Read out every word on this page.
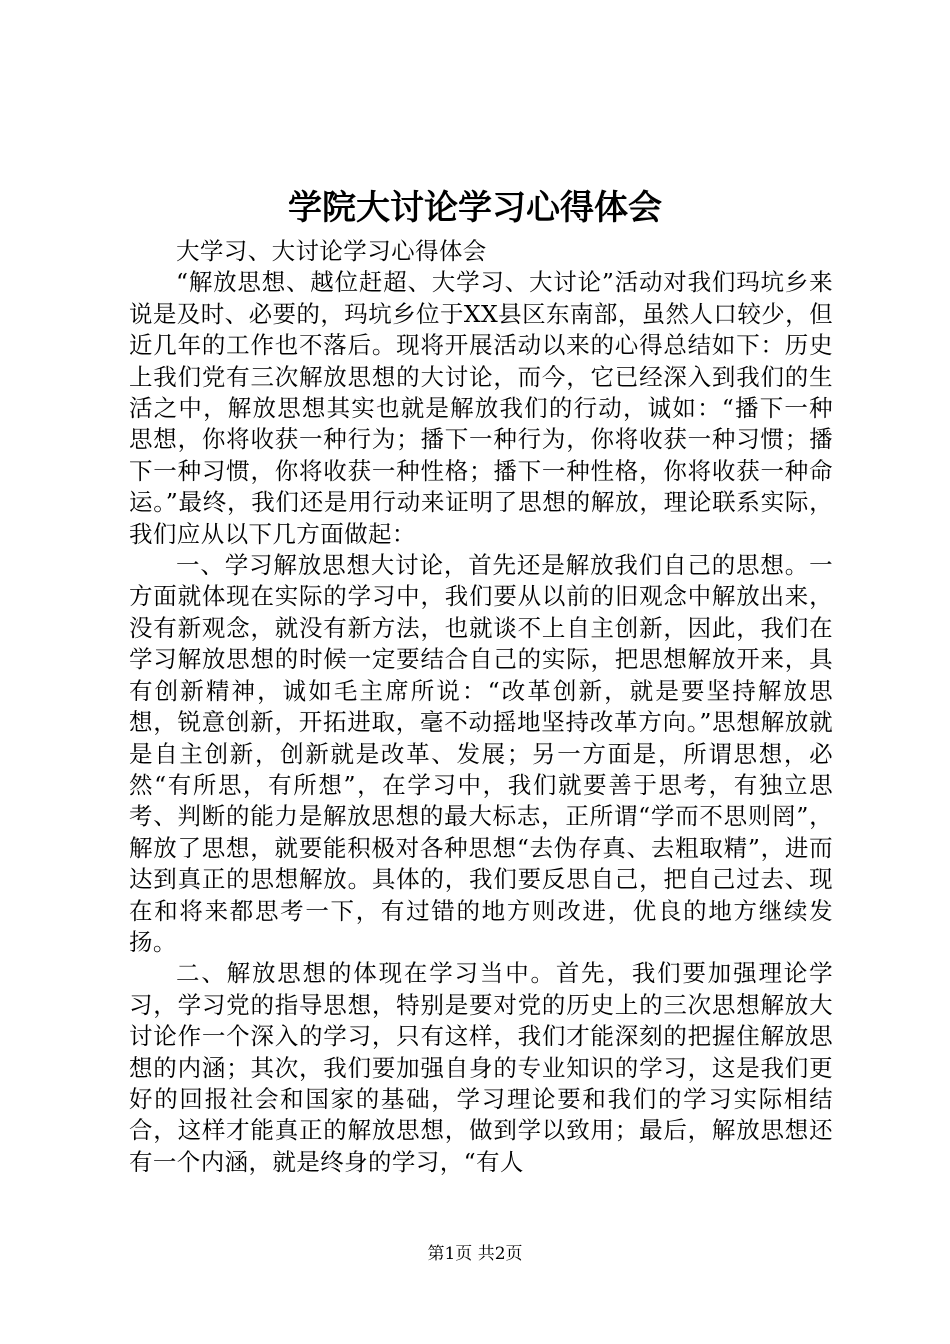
学院大讨论学习心得体会

大学习、大讨论学习心得体会

“解放思想、越位赶超、大学习、大讨论”活动对我们玛坑乡来说是及时、必要的，玛坑乡位于XX县区东南部，虽然人口较少，但近几年的工作也不落后。现将开展活动以来的心得总结如下：历史上我们党有三次解放思想的大讨论，而今，它已经深入到我们的生活之中，解放思想其实也就是解放我们的行动，诚如：“播下一种思想，你将收获一种行为；播下一种行为，你将收获一种习惯；播下一种习惯，你将收获一种性格；播下一种性格，你将收获一种命运。”最终，我们还是用行动来证明了思想的解放，理论联系实际，我们应从以下几方面做起：

一、学习解放思想大讨论，首先还是解放我们自己的思想。一方面就体现在实际的学习中，我们要从以前的旧观念中解放出来，没有新观念，就没有新方法，也就谈不上自主创新，因此，我们在学习解放思想的时候一定要结合自己的实际，把思想解放开来，具有创新精神，诚如毛主席所说：“改革创新，就是要坚持解放思想，锐意创新，开拓进取，毫不动摇地坚持改革方向。”思想解放就是自主创新，创新就是改革、发展；另一方面是，所谓思想，必然“有所思，有所想”，在学习中，我们就要善于思考，有独立思考、判断的能力是解放思想的最大标志，正所谓“学而不思则罔”，解放了思想，就要能积极对各种思想“去伪存真、去粗取精”，进而达到真正的思想解放。具体的，我们要反思自己，把自己过去、现在和将来都思考一下，有过错的地方则改进，优良的地方继续发扬。

二、解放思想的体现在学习当中。首先，我们要加强理论学习，学习党的指导思想，特别是要对党的历史上的三次思想解放大讨论作一个深入的学习，只有这样，我们才能深刻的把握住解放思想的内涵；其次，我们要加强自身的专业知识的学习，这是我们更好的回报社会和国家的基础，学习理论要和我们的学习实际相结合，这样才能真正的解放思想，做到学以致用；最后，解放思想还有一个内涵，就是终身的学习，“有人

第1页 共2页
